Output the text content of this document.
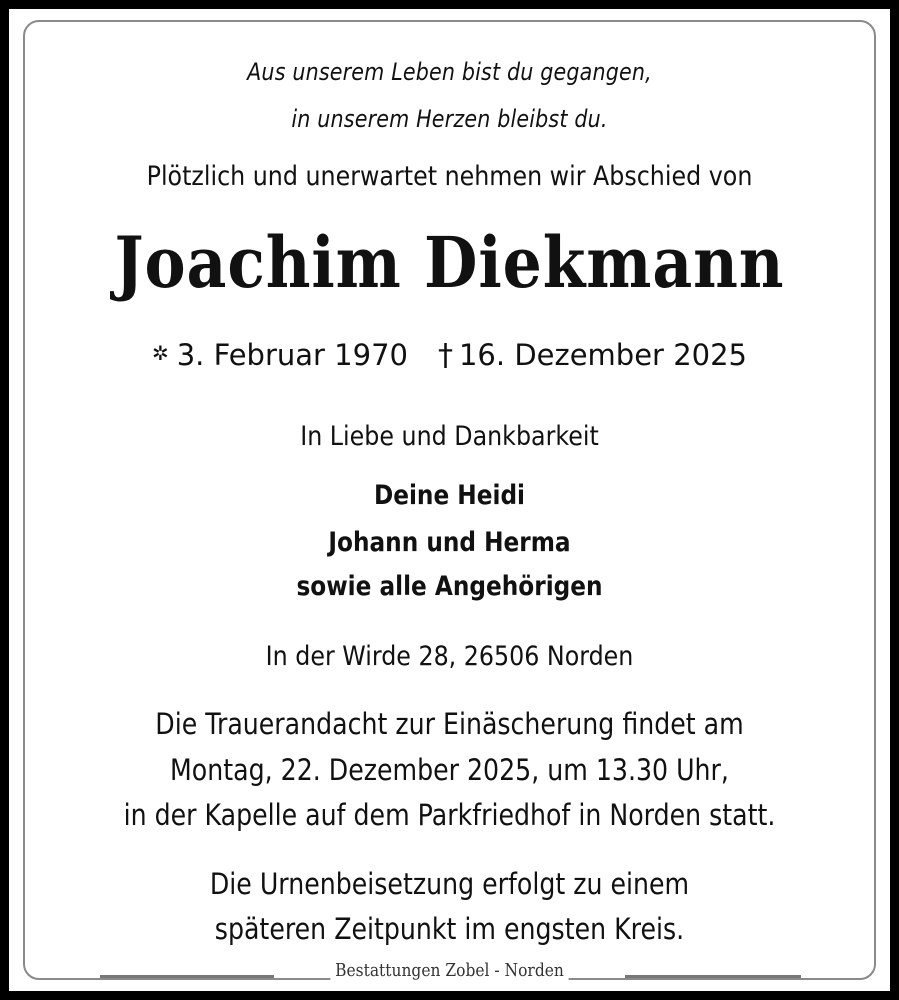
Aus unserem Leben bist du gegangen,
in unserem Herzen bleibst du.
Plötzlich und unerwartet nehmen wir Abschied von
Joachim Diekmann
✲ 3. Februar 1970 † 16. Dezember 2025
In Liebe und Dankbarkeit
Deine Heidi
Johann und Herma
sowie alle Angehörigen
In der Wirde 28, 26506 Norden
Die Trauerandacht zur Einäscherung findet am
Montag, 22. Dezember 2025, um 13.30 Uhr,
in der Kapelle auf dem Parkfriedhof in Norden statt.
Die Urnenbeisetzung erfolgt zu einem
späteren Zeitpunkt im engsten Kreis.
Bestattungen Zobel - Norden
